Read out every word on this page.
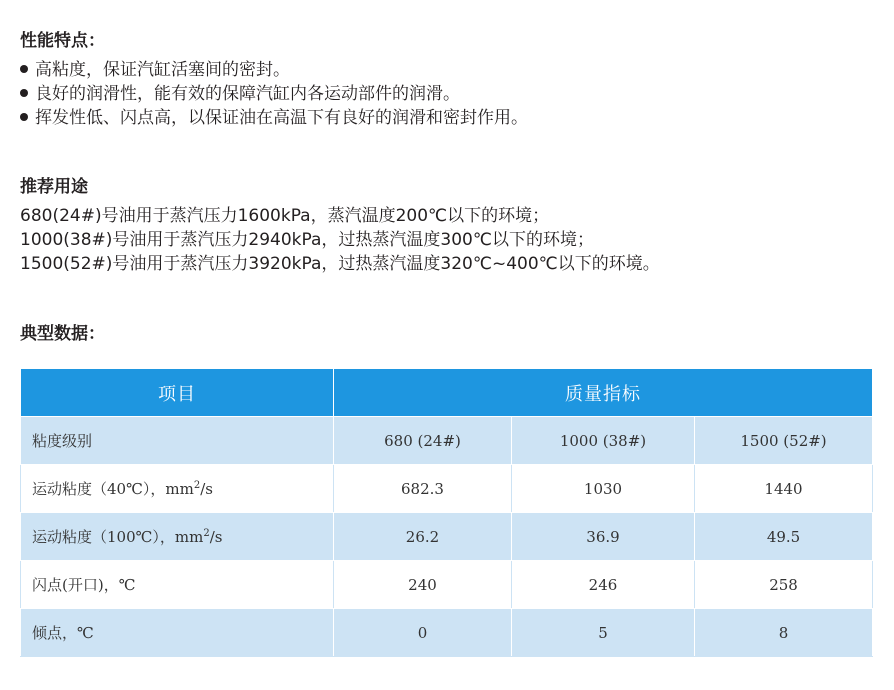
性能特点：

高粘度，保证汽缸活塞间的密封。
良好的润滑性，能有效的保障汽缸内各运动部件的润滑。
挥发性低、闪点高，以保证油在高温下有良好的润滑和密封作用。

推荐用途

680(24#)号油用于蒸汽压力1600kPa，蒸汽温度200℃以下的环境；
1000(38#)号油用于蒸汽压力2940kPa，过热蒸汽温度300℃以下的环境；
1500(52#)号油用于蒸汽压力3920kPa，过热蒸汽温度320℃~400℃以下的环境。

典型数据：

项目	质量指标		
粘度级别	680 (24#)	1000 (38#)	1500 (52#)
运动粘度（40℃），$mm^2/s$	682.3	1030	1440
运动粘度（100℃），$mm^2/s$	26.2	36.9	49.5
闪点(开口)，℃	240	246	258
倾点，℃	0	5	8
